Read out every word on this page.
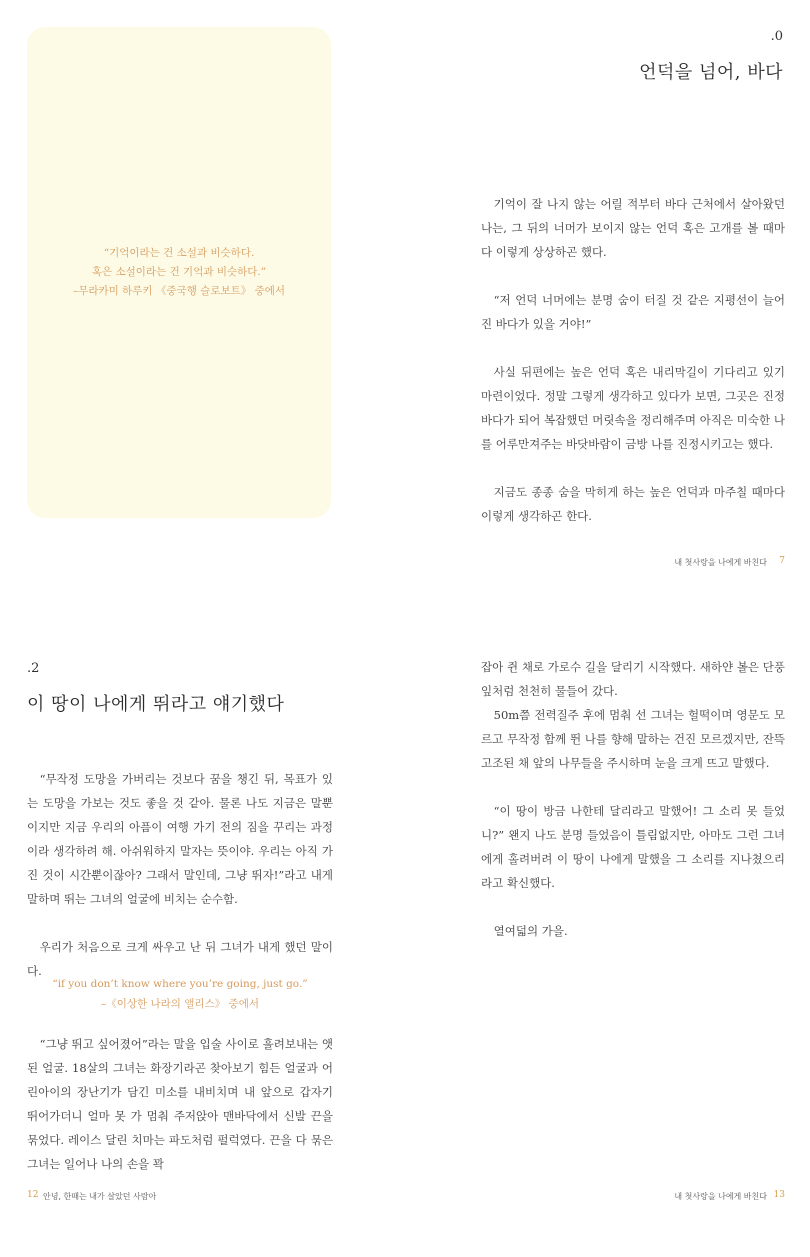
“기억이라는 건 소설과 비슷하다.
혹은 소설이라는 건 기억과 비슷하다.”
–무라카미 하루키 《중국행 슬로보트》 중에서
.0
언덕을 넘어, 바다

기억이 잘 나지 않는 어릴 적부터 바다 근처에서 살아왔던 나는, 그 뒤의 너머가 보이지 않는 언덕 혹은 고개를 볼 때마다 이렇게 상상하곤 했다.

“저 언덕 너머에는 분명 숨이 터질 것 같은 지평선이 늘어진 바다가 있을 거야!”

사실 뒤편에는 높은 언덕 혹은 내리막길이 기다리고 있기 마련이었다. 정말 그렇게 생각하고 있다가 보면, 그곳은 진정 바다가 되어 복잡했던 머릿속을 정리해주며 아직은 미숙한 나를 어루만져주는 바닷바람이 금방 나를 진정시키고는 했다.

지금도 종종 숨을 막히게 하는 높은 언덕과 마주칠 때마다 이렇게 생각하곤 한다.

내 첫사랑을 나에게 바친다 7
.2
이 땅이 나에게 뛰라고 얘기했다

“무작정 도망을 가버리는 것보다 꿈을 챙긴 뒤, 목표가 있는 도망을 가보는 것도 좋을 것 같아. 물론 나도 지금은 말뿐이지만 지금 우리의 아픔이 여행 가기 전의 짐을 꾸리는 과정이라 생각하려 해. 아쉬워하지 말자는 뜻이야. 우리는 아직 가진 것이 시간뿐이잖아? 그래서 말인데, 그냥 뛰자!”라고 내게 말하며 뛰는 그녀의 얼굴에 비치는 순수함.

우리가 처음으로 크게 싸우고 난 뒤 그녀가 내게 했던 말이다.

“if you don’t know where you’re going, just go.”
–《이상한 나라의 앨리스》 중에서

“그냥 뛰고 싶어졌어”라는 말을 입술 사이로 흘려보내는 앳된 얼굴. 18살의 그녀는 화장기라곤 찾아보기 힘든 얼굴과 어린아이의 장난기가 담긴 미소를 내비치며 내 앞으로 갑자기 뛰어가더니 얼마 못 가 멈춰 주저앉아 맨바닥에서 신발 끈을 묶었다. 레이스 달린 치마는 파도처럼 펄럭였다. 끈을 다 묶은 그녀는 일어나 나의 손을 꽉

12 안녕, 한때는 내가 살았던 사람아

잡아 쥔 채로 가로수 길을 달리기 시작했다. 새하얀 볼은 단풍잎처럼 천천히 물들어 갔다.

50m쯤 전력질주 후에 멈춰 선 그녀는 헐떡이며 영문도 모르고 무작정 함께 뛴 나를 향해 말하는 건진 모르겠지만, 잔뜩 고조된 채 앞의 나무들을 주시하며 눈을 크게 뜨고 말했다.

“이 땅이 방금 나한테 달리라고 말했어! 그 소리 못 들었니?” 왠지 나도 분명 들었음이 틀림없지만, 아마도 그런 그녀에게 홀려버려 이 땅이 나에게 말했을 그 소리를 지나쳤으리라고 확신했다.

열여덟의 가을.

내 첫사랑을 나에게 바친다 13
